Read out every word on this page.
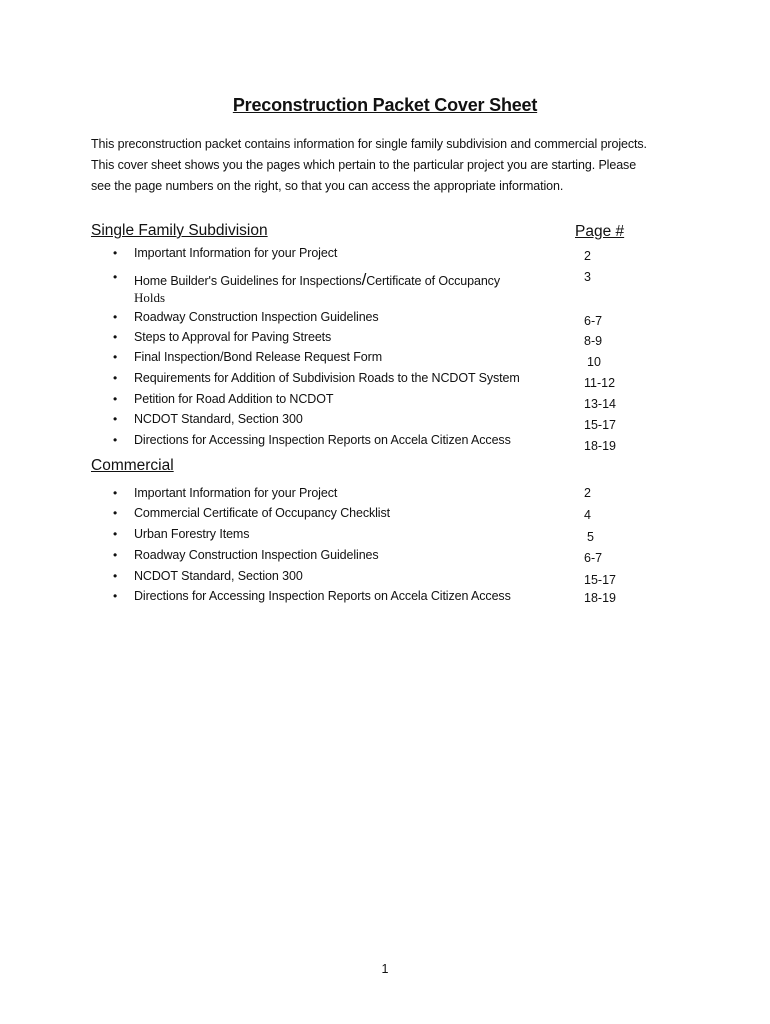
Preconstruction Packet Cover Sheet

This preconstruction packet contains information for single family subdivision and commercial projects.

This cover sheet shows you the pages which pertain to the particular project you are starting. Please

see the page numbers on the right, so that you can access the appropriate information.

Single Family Subdivision	Page #
• Important Information for your Project	2
• Home Builder's Guidelines for Inspections/Certificate of Occupancy	3
Holds
• Roadway Construction Inspection Guidelines	6-7
• Steps to Approval for Paving Streets	8-9
• Final Inspection/Bond Release Request Form	10
• Requirements for Addition of Subdivision Roads to the NCDOT System	11-12
• Petition for Road Addition to NCDOT	13-14
• NCDOT Standard, Section 300	15-17
• Directions for Accessing Inspection Reports on Accela Citizen Access	18-19
Commercial
• Important Information for your Project	2
• Commercial Certificate of Occupancy Checklist	4
• Urban Forestry Items	5
• Roadway Construction Inspection Guidelines	6-7
• NCDOT Standard, Section 300	15-17
• Directions for Accessing Inspection Reports on Accela Citizen Access	18-19
1
